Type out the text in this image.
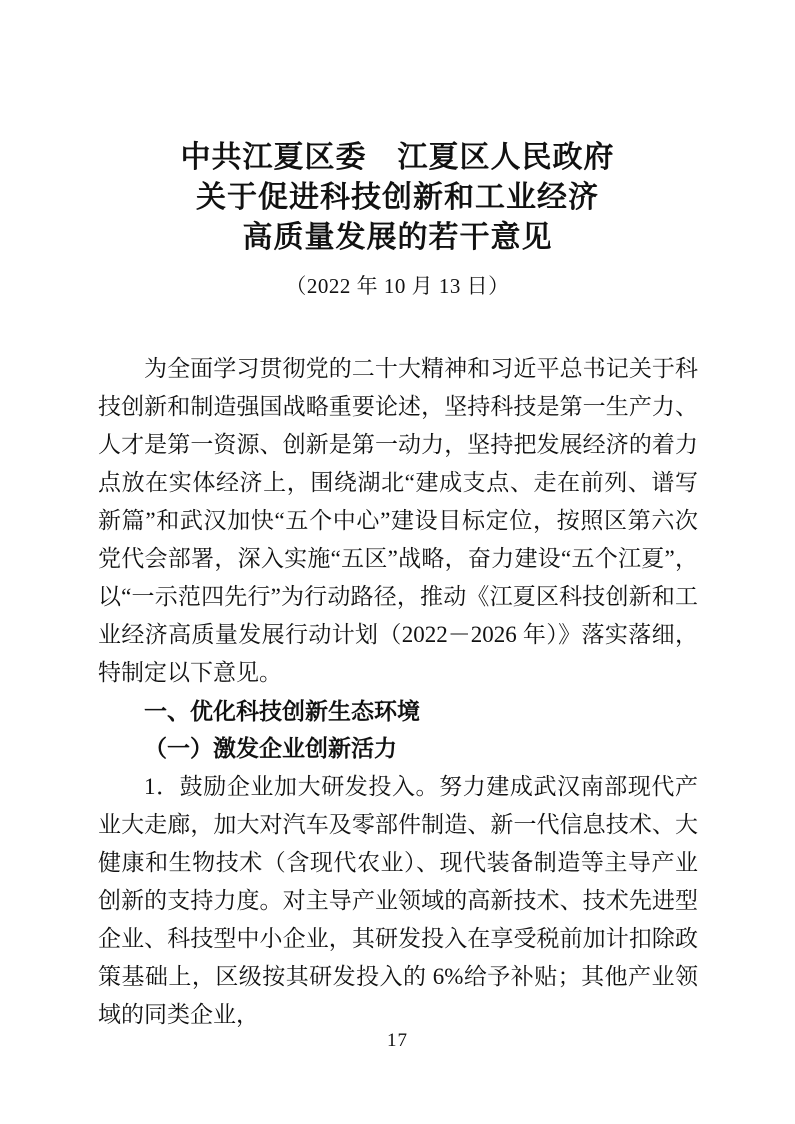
中共江夏区委　江夏区人民政府
关于促进科技创新和工业经济
高质量发展的若干意见
（2022 年 10 月 13 日）

为全面学习贯彻党的二十大精神和习近平总书记关于科技创新和制造强国战略重要论述，坚持科技是第一生产力、人才是第一资源、创新是第一动力，坚持把发展经济的着力点放在实体经济上，围绕湖北“建成支点、走在前列、谱写新篇”和武汉加快“五个中心”建设目标定位，按照区第六次党代会部署，深入实施“五区”战略，奋力建设“五个江夏”，以“一示范四先行”为行动路径，推动《江夏区科技创新和工业经济高质量发展行动计划（2022－2026 年）》落实落细，特制定以下意见。

一、优化科技创新生态环境
（一）激发企业创新活力

1．鼓励企业加大研发投入。努力建成武汉南部现代产业大走廊，加大对汽车及零部件制造、新一代信息技术、大健康和生物技术（含现代农业）、现代装备制造等主导产业创新的支持力度。对主导产业领域的高新技术、技术先进型企业、科技型中小企业，其研发投入在享受税前加计扣除政策基础上，区级按其研发投入的 6%给予补贴；其他产业领域的同类企业，

17
